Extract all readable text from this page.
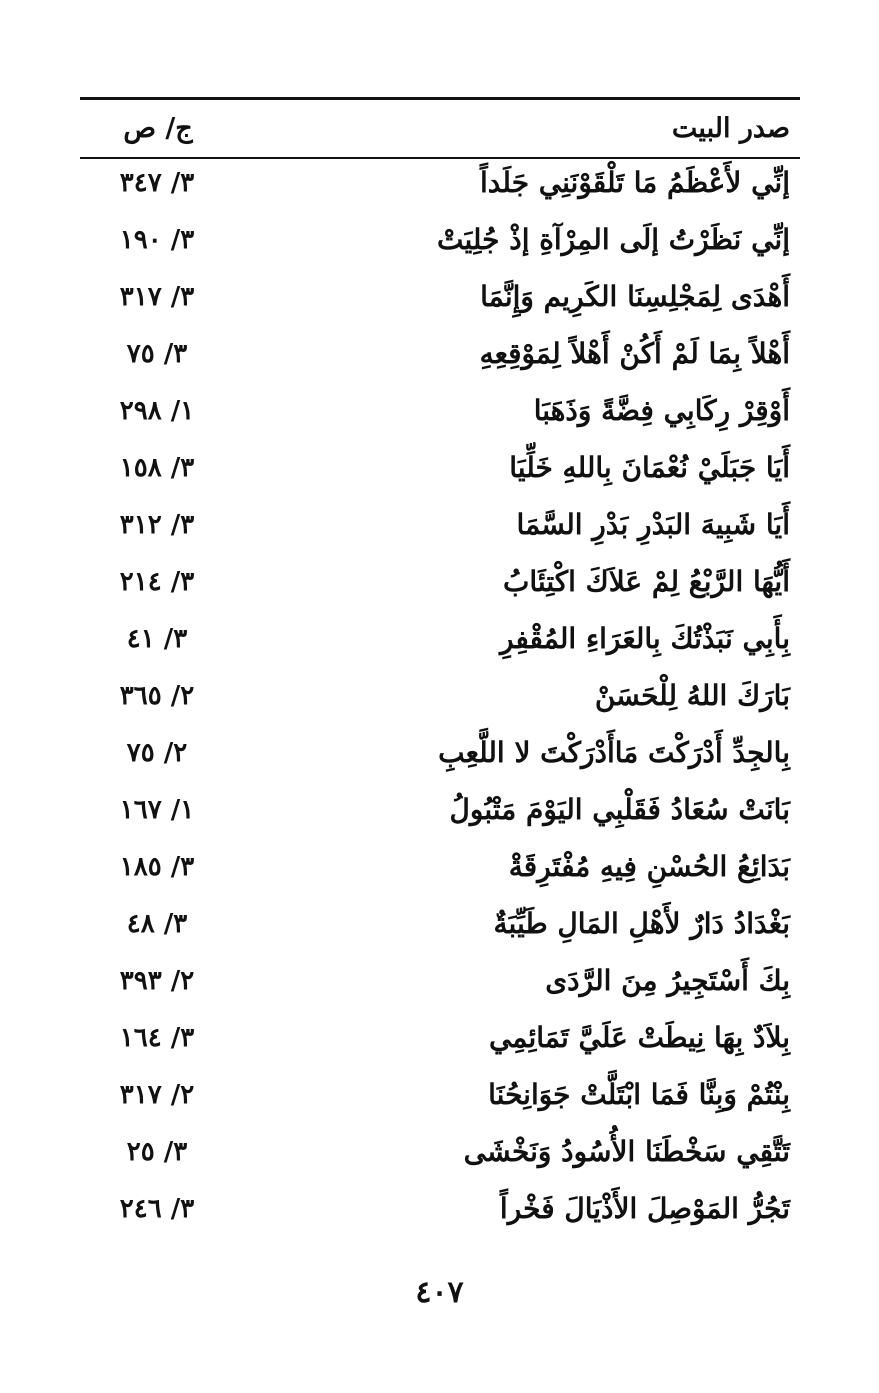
صدر البيت
ج/ ص
إنِّي لأَعْظَمُ مَا تَلْقَوْنَنِي جَلَداً
٣/ ٣٤٧
إنِّي نَظَرْتُ إلَى المِرْآةِ إذْ جُلِيَتْ
٣/ ١٩٠
أَهْدَى لِمَجْلِسِنَا الكَرِيم وَإِنَّمَا
٣/ ٣١٧
أَهْلاً بِمَا لَمْ أَكُنْ أَهْلاً لِمَوْقِعِهِ
٣/ ٧٥
أَوْقِرْ رِكَابِي فِضَّةً وَذَهَبَا
١/ ٢٩٨
أَيَا جَبَلَيْ نُعْمَانَ بِاللهِ خَلِّيَا
٣/ ١٥٨
أَيَا شَبِيهَ البَدْرِ بَدْرِ السَّمَا
٣/ ٣١٢
أَيُّهَا الرَّبْعُ لِمْ عَلاَكَ اكْتِئَابُ
٣/ ٢١٤
بِأَبِي نَبَذْتُكَ بِالعَرَاءِ المُقْفِرِ
٣/ ٤١
بَارَكَ اللهُ لِلْحَسَنْ
٢/ ٣٦٥
بِالجِدِّ أَدْرَكْتَ مَاأَدْرَكْتَ لا اللَّعِبِ
٢/ ٧٥
بَانَتْ سُعَادُ فَقَلْبِي اليَوْمَ مَتْبُولُ
١/ ١٦٧
بَدَائِعُ الحُسْنِ فِيهِ مُفْتَرِقَةْ
٣/ ١٨٥
بَغْدَادُ دَارٌ لأَهْلِ المَالِ طَيِّبَةٌ
٣/ ٤٨
بِكَ أَسْتَجِيرُ مِنَ الرَّدَى
٢/ ٣٩٣
بِلاَدٌ بِهَا نِيطَتْ عَلَيَّ تَمَائِمِي
٣/ ١٦٤
بِنْتُمْ وَبِنَّا فَمَا ابْتَلَّتْ جَوَانِحُنَا
٢/ ٣١٧
تَتَّقِي سَخْطَنَا الأُسُودُ وَنَخْشَى
٣/ ٢٥
تَجُرُّ المَوْصِلَ الأَذْيَالَ فَخْراً
٣/ ٢٤٦
٤٠٧
